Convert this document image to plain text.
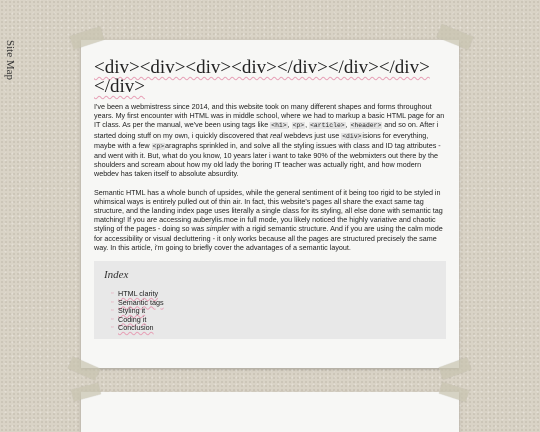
Site Map	<div><div><div><div></div></div></div></div>

I've been a webmistress since 2014, and this website took on many different shapes and forms throughout years. My first encounter with HTML was in middle school, where we had to markup a basic HTML page for an IT class. As per the manual, we've been using tags like <h1>, <p>, <article>, <header> and so on. After i started doing stuff on my own, i quickly discovered that real webdevs just use <div>isions for everything, maybe with a few <p>aragraphs sprinkled in, and solve all the styling issues with class and ID tag attributes - and went with it. But, what do you know, 10 years later i want to take 90% of the webmixters out there by the shoulders and scream about how my old lady the boring IT teacher was actually right, and how modern webdev has taken itself to absolute absurdity.

Semantic HTML has a whole bunch of upsides, while the general sentiment of it being too rigid to be styled in whimsical ways is entirely pulled out of thin air. In fact, this website's pages all share the exact same tag structure, and the landing index page uses literally a single class for its styling, all else done with semantic tag matching! If you are accessing auberylis.moe in full mode, you likely noticed the highly variative and chaotic styling of the pages - doing so was simpler with a rigid semantic structure. And if you are using the calm mode for accessibility or visual decluttering - it only works because all the pages are structured precisely the same way. In this article, i'm going to briefly cover the advantages of a semantic layout.

Index
▫ HTML clarity
▫ Semantic tags
▫ Styling it
▫ Coding it
▫ Conclusion
